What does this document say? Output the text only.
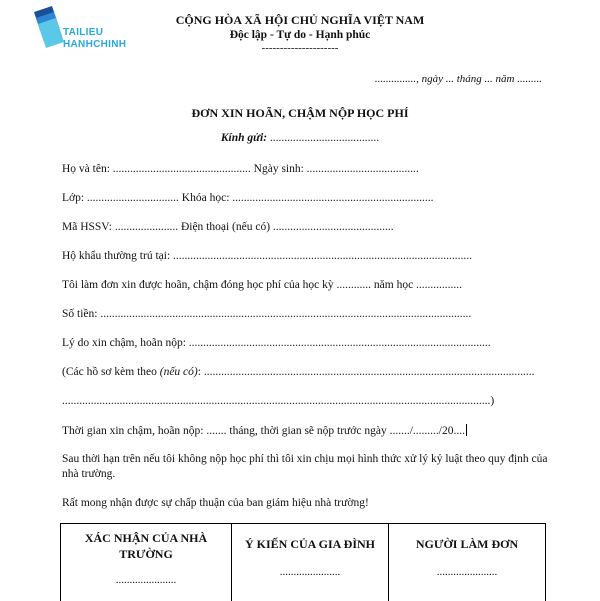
TAILIEU
HANHCHINH
CỘNG HÒA XÃ HỘI CHỦ NGHĨA VIỆT NAM
Độc lập - Tự do - Hạnh phúc
---------------------
..............., ngày ... tháng ... năm .........
ĐƠN XIN HOÃN, CHẬM NỘP HỌC PHÍ
Kính gửi: ......................................
Họ và tên: ................................................ Ngày sinh: .......................................
Lớp: ................................ Khóa học: ......................................................................
Mã HSSV: ...................... Điện thoại (nếu có) ..........................................
Hộ khẩu thường trú tại: ........................................................................................................
Tôi làm đơn xin được hoãn, chậm đóng học phí của học kỳ ............ năm học ................
Số tiền: .................................................................................................................................
Lý do xin chậm, hoãn nộp: .........................................................................................................
(Các hồ sơ kèm theo (nếu có): ...................................................................................................................
.....................................................................................................................................................)
Thời gian xin chậm, hoãn nộp: ....... tháng, thời gian sẽ nộp trước ngày ......./........./20....
Sau thời hạn trên nếu tôi không nộp học phí thì tôi xin chịu mọi hình thức xử lý kỷ luật theo quy định của
nhà trường.
Rất mong nhận được sự chấp thuận của ban giám hiệu nhà trường!
XÁC NHẬN CỦA NHÀ TRƯỜNG
......................
Ý KIẾN CỦA GIA ĐÌNH
......................
NGƯỜI LÀM ĐƠN
......................
